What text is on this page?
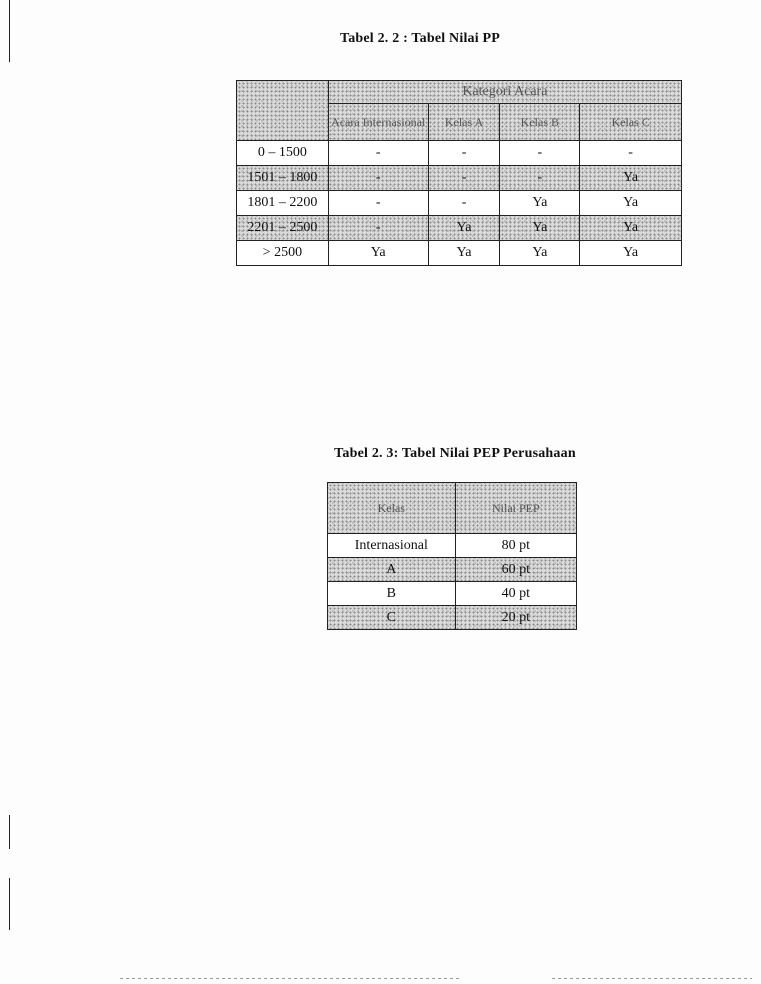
Tabel 2. 2 : Tabel Nilai PP
	Kategori Acara			
	Acara Internasional	Kelas A	Kelas B	Kelas C
0 – 1500	-	-	-	-
1501 – 1800	-	-	-	Ya
1801 – 2200	-	-	Ya	Ya
2201 – 2500	-	Ya	Ya	Ya
> 2500	Ya	Ya	Ya	Ya
Tabel 2. 3: Tabel Nilai PEP Perusahaan
Kelas	Nilai PEP
Internasional	80 pt
A	60 pt
B	40 pt
C	20 pt
